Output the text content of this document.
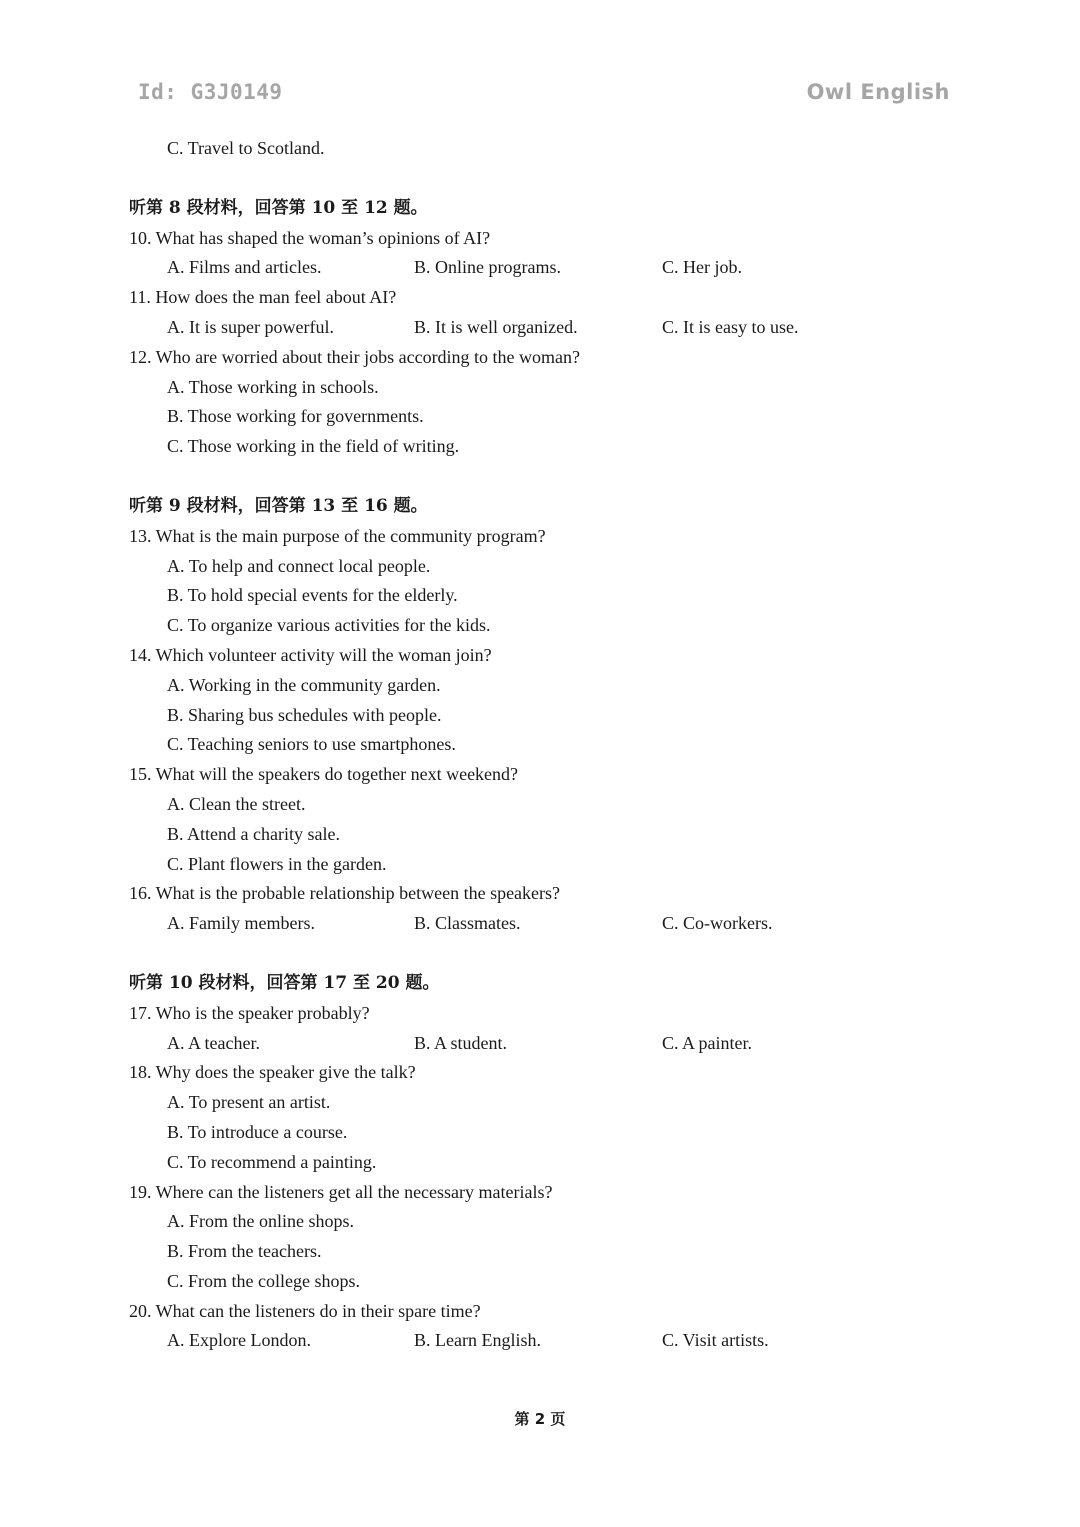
Id: G3J0149	Owl English
C. Travel to Scotland.
听第 8 段材料，回答第 10 至 12 题。
10. What has shaped the woman’s opinions of AI?
A. Films and articles.	B. Online programs.	C. Her job.
11. How does the man feel about AI?
A. It is super powerful.	B. It is well organized.	C. It is easy to use.
12. Who are worried about their jobs according to the woman?
A. Those working in schools.
B. Those working for governments.
C. Those working in the field of writing.
听第 9 段材料，回答第 13 至 16 题。
13. What is the main purpose of the community program?
A. To help and connect local people.
B. To hold special events for the elderly.
C. To organize various activities for the kids.
14. Which volunteer activity will the woman join?
A. Working in the community garden.
B. Sharing bus schedules with people.
C. Teaching seniors to use smartphones.
15. What will the speakers do together next weekend?
A. Clean the street.
B. Attend a charity sale.
C. Plant flowers in the garden.
16. What is the probable relationship between the speakers?
A. Family members.	B. Classmates.	C. Co-workers.
听第 10 段材料，回答第 17 至 20 题。
17. Who is the speaker probably?
A. A teacher.	B. A student.	C. A painter.
18. Why does the speaker give the talk?
A. To present an artist.
B. To introduce a course.
C. To recommend a painting.
19. Where can the listeners get all the necessary materials?
A. From the online shops.
B. From the teachers.
C. From the college shops.
20. What can the listeners do in their spare time?
A. Explore London.	B. Learn English.	C. Visit artists.
第 2 页
